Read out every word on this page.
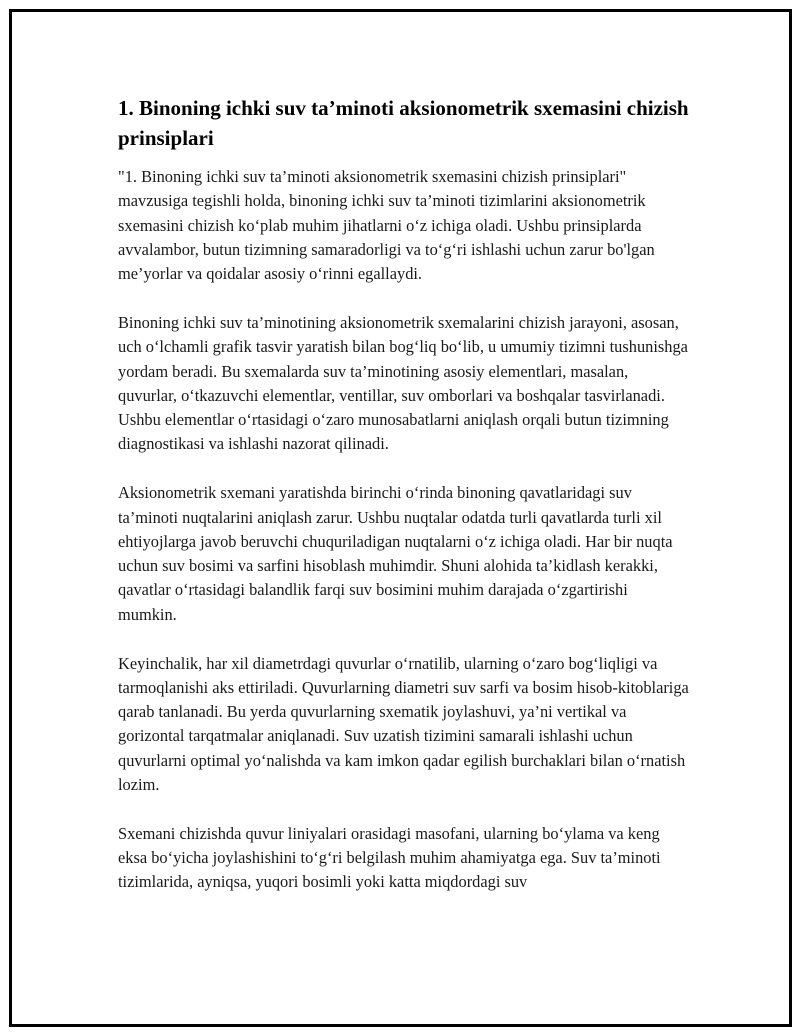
1. Binoning ichki suv ta’minoti aksionometrik sxemasini chizish prinsiplari

"1. Binoning ichki suv ta’minoti aksionometrik sxemasini chizish prinsiplari" mavzusiga tegishli holda, binoning ichki suv ta’minoti tizimlarini aksionometrik sxemasini chizish ko‘plab muhim jihatlarni o‘z ichiga oladi. Ushbu prinsiplarda avvalambor, butun tizimning samaradorligi va to‘g‘ri ishlashi uchun zarur bo'lgan me’yorlar va qoidalar asosiy o‘rinni egallaydi.

Binoning ichki suv ta’minotining aksionometrik sxemalarini chizish jarayoni, asosan, uch o‘lchamli grafik tasvir yaratish bilan bog‘liq bo‘lib, u umumiy tizimni tushunishga yordam beradi. Bu sxemalarda suv ta’minotining asosiy elementlari, masalan, quvurlar, o‘tkazuvchi elementlar, ventillar, suv omborlari va boshqalar tasvirlanadi. Ushbu elementlar o‘rtasidagi o‘zaro munosabatlarni aniqlash orqali butun tizimning diagnostikasi va ishlashi nazorat qilinadi.

Aksionometrik sxemani yaratishda birinchi o‘rinda binoning qavatlaridagi suv ta’minoti nuqtalarini aniqlash zarur. Ushbu nuqtalar odatda turli qavatlarda turli xil ehtiyojlarga javob beruvchi chuquriladigan nuqtalarni o‘z ichiga oladi. Har bir nuqta uchun suv bosimi va sarfini hisoblash muhimdir. Shuni alohida ta’kidlash kerakki, qavatlar o‘rtasidagi balandlik farqi suv bosimini muhim darajada o‘zgartirishi mumkin.

Keyinchalik, har xil diametrdagi quvurlar o‘rnatilib, ularning o‘zaro bog‘liqligi va tarmoqlanishi aks ettiriladi. Quvurlarning diametri suv sarfi va bosim hisob-kitoblariga qarab tanlanadi. Bu yerda quvurlarning sxematik joylashuvi, ya’ni vertikal va gorizontal tarqatmalar aniqlanadi. Suv uzatish tizimini samarali ishlashi uchun quvurlarni optimal yo‘nalishda va kam imkon qadar egilish burchaklari bilan o‘rnatish lozim.

Sxemani chizishda quvur liniyalari orasidagi masofani, ularning bo‘ylama va keng eksa bo‘yicha joylashishini to‘g‘ri belgilash muhim ahamiyatga ega. Suv ta’minoti tizimlarida, ayniqsa, yuqori bosimli yoki katta miqdordagi suv
